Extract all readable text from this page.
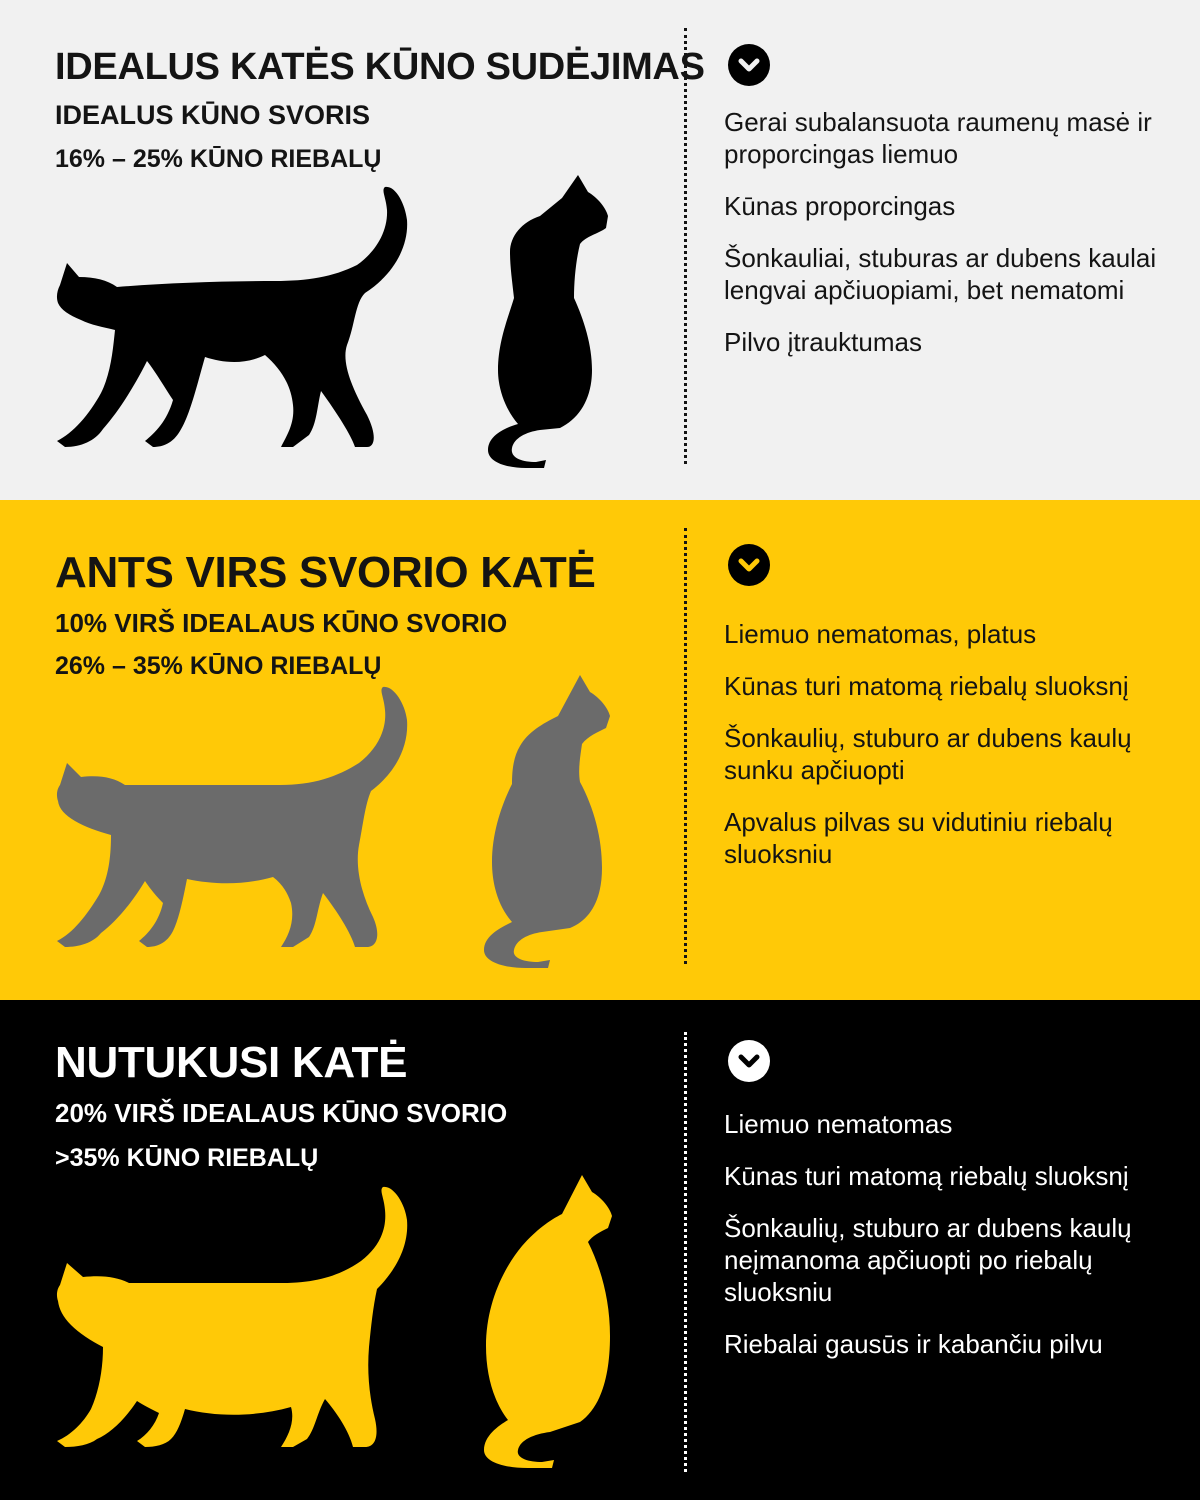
IDEALUS KATĖS KŪNO SUDĖJIMAS
IDEALUS KŪNO SVORIS
16% – 25% KŪNO RIEBALŲ
Gerai subalansuota raumenų masė ir proporcingas liemuo
Kūnas proporcingas
Šonkauliai, stuburas ar dubens kaulai lengvai apčiuopiami, bet nematomi
Pilvo įtrauktumas
ANTS VIRS SVORIO KATĖ
10% VIRŠ IDEALAUS KŪNO SVORIO
26% – 35% KŪNO RIEBALŲ
Liemuo nematomas, platus
Kūnas turi matomą riebalų sluoksnį
Šonkaulių, stuburo ar dubens kaulų sunku apčiuopti
Apvalus pilvas su vidutiniu riebalų sluoksniu
NUTUKUSI KATĖ
20% VIRŠ IDEALAUS KŪNO SVORIO
>35% KŪNO RIEBALŲ
Liemuo nematomas
Kūnas turi matomą riebalų sluoksnį
Šonkaulių, stuburo ar dubens kaulų neįmanoma apčiuopti po riebalų sluoksniu
Riebalai gausūs ir kabančiu pilvu
